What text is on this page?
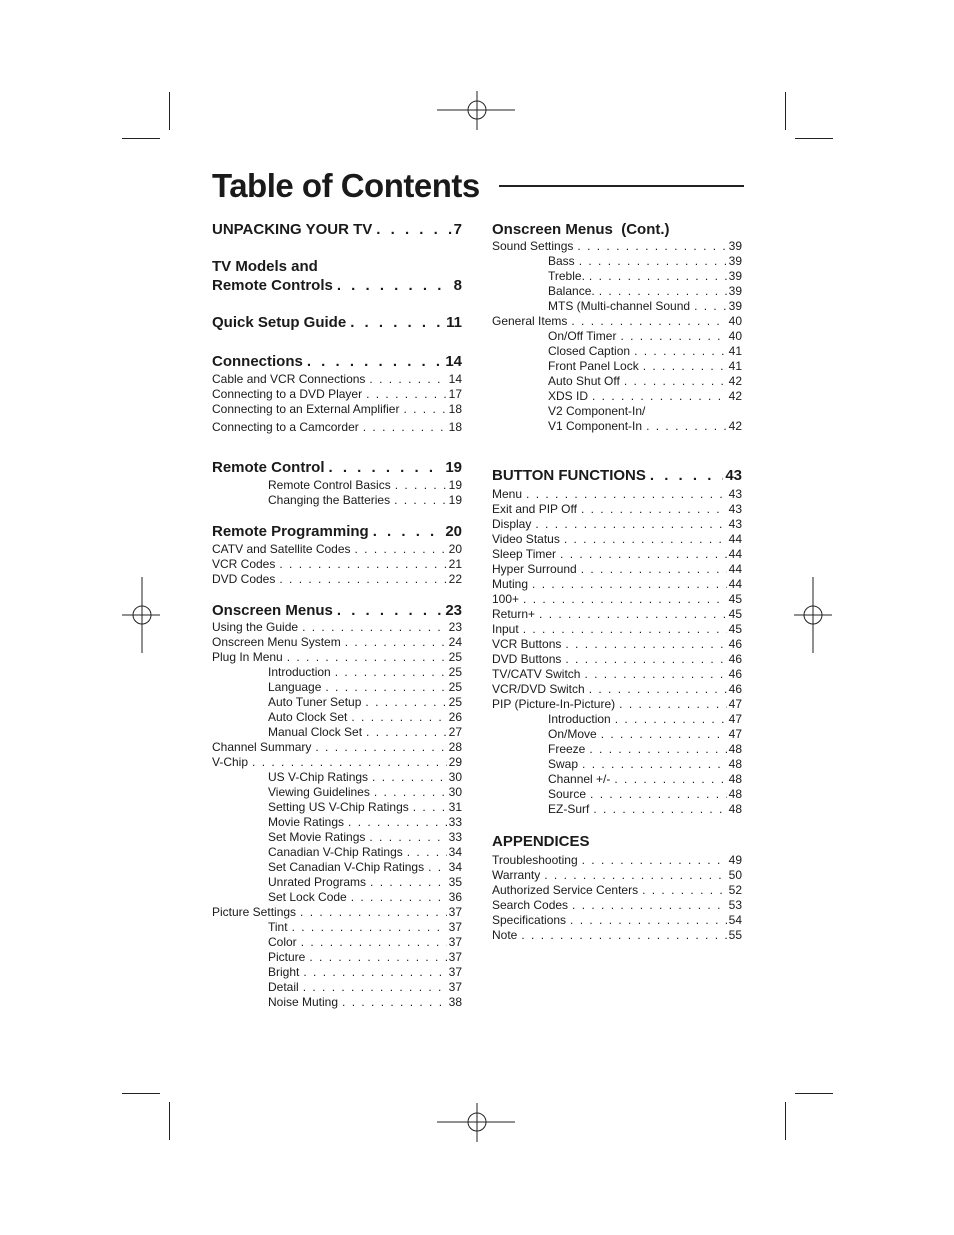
Table of Contents
UNPACKING YOUR TV . . .	7
TV Models and
Remote Controls . . .	8
Quick Setup Guide . . .	11
Connections . . .	14
Cable and VCR Connections . . .	14
Connecting to a DVD Player . . .	17
Connecting to an External Amplifier . . .	18
Connecting to a Camcorder . . .	18
Remote Control . . .	19
Remote Control Basics . . .	19
Changing the Batteries . . .	19
Remote Programming . . .	20
CATV and Satellite Codes . . .	20
VCR Codes . . .	21
DVD Codes . . .	22
Onscreen Menus . . .	23
Using the Guide . . .	23
Onscreen Menu System . . .	24
Plug In Menu . . .	25
Introduction . . .	25
Language . . .	25
Auto Tuner Setup . . .	25
Auto Clock Set . . .	26
Manual Clock Set . . .	27
Channel Summary . . .	28
V-Chip . . .	29
US V-Chip Ratings . . .	30
Viewing Guidelines . . .	30
Setting US V-Chip Ratings . . .	31
Movie Ratings . . .	33
Set Movie Ratings . . .	33
Canadian V-Chip Ratings . . .	34
Set Canadian V-Chip Ratings . . . 34
Unrated Programs . . .	35
Set Lock Code . . .	36
Picture Settings . . .	37
Tint . . .	37
Color . . .	37
Picture . . .	37
Bright . . .	37
Detail . . .	37
Noise Muting . . .	38
Onscreen Menus  (Cont.)
Sound Settings . . .	39
Bass . . .	39
Treble. . . .	39
Balance. . . .	39
MTS (Multi-channel Sound . . .	39
General Items . . .	40
On/Off Timer . . .	40
Closed Caption . . .	41
Front Panel Lock . . .	41
Auto Shut Off . . .	42
XDS ID . . .	42
V2 Component-In/
V1 Component-In . . .	42
BUTTON FUNCTIONS . . .	43
Menu . . .	43
Exit and PIP Off . . .	43
Display . . .	43
Video Status . . .	44
Sleep Timer . . .	44
Hyper Surround . . .	44
Muting . . .	44
100+ . . .	45
Return+ . . .	45
Input . . .	45
VCR Buttons . . .	46
DVD Buttons . . .	46
TV/CATV Switch . . .	46
VCR/DVD Switch . . .	46
PIP (Picture-In-Picture) . . .	47
Introduction . . .	47
On/Move . . .	47
Freeze . . .	48
Swap . . .	48
Channel +/- . . .	48
Source . . .	48
EZ-Surf . . .	48
APPENDICES
Troubleshooting . . .	49
Warranty . . .	50
Authorized Service Centers . . .	52
Search Codes . . .	53
Specifications . . .	54
Note . . .	55
